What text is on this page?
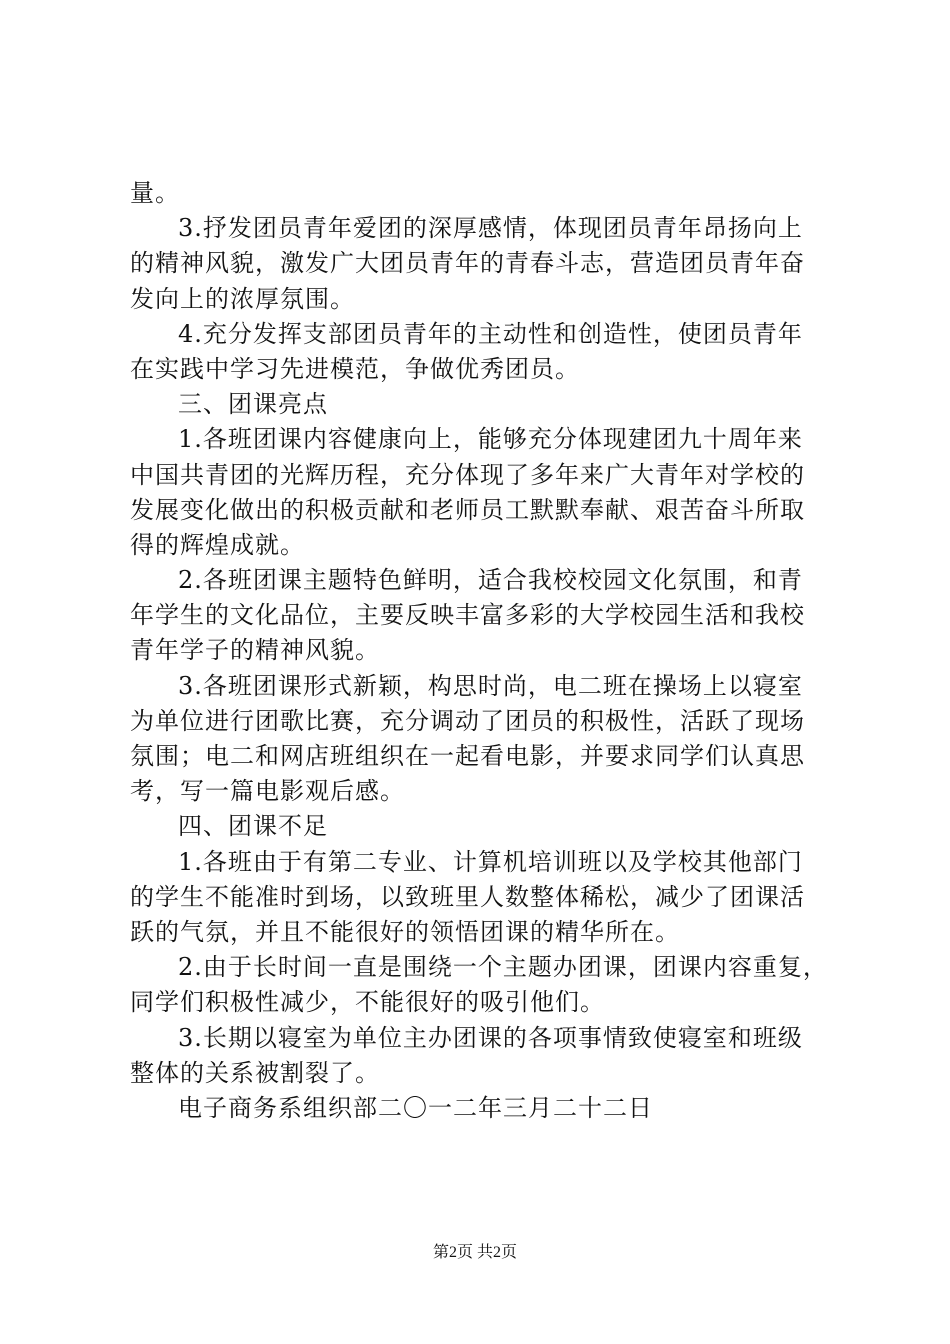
量。
3.抒发团员青年爱团的深厚感情，体现团员青年昂扬向上
的精神风貌，激发广大团员青年的青春斗志，营造团员青年奋
发向上的浓厚氛围。
4.充分发挥支部团员青年的主动性和创造性，使团员青年
在实践中学习先进模范，争做优秀团员。
三、团课亮点
1.各班团课内容健康向上，能够充分体现建团九十周年来
中国共青团的光辉历程，充分体现了多年来广大青年对学校的
发展变化做出的积极贡献和老师员工默默奉献、艰苦奋斗所取
得的辉煌成就。
2.各班团课主题特色鲜明，适合我校校园文化氛围，和青
年学生的文化品位，主要反映丰富多彩的大学校园生活和我校
青年学子的精神风貌。
3.各班团课形式新颖，构思时尚，电二班在操场上以寝室
为单位进行团歌比赛，充分调动了团员的积极性，活跃了现场
氛围；电二和网店班组织在一起看电影，并要求同学们认真思
考，写一篇电影观后感。
四、团课不足
1.各班由于有第二专业、计算机培训班以及学校其他部门
的学生不能准时到场，以致班里人数整体稀松，减少了团课活
跃的气氛，并且不能很好的领悟团课的精华所在。
2.由于长时间一直是围绕一个主题办团课，团课内容重复，
同学们积极性减少，不能很好的吸引他们。
3.长期以寝室为单位主办团课的各项事情致使寝室和班级
整体的关系被割裂了。
电子商务系组织部二〇一二年三月二十二日
第2页 共2页
